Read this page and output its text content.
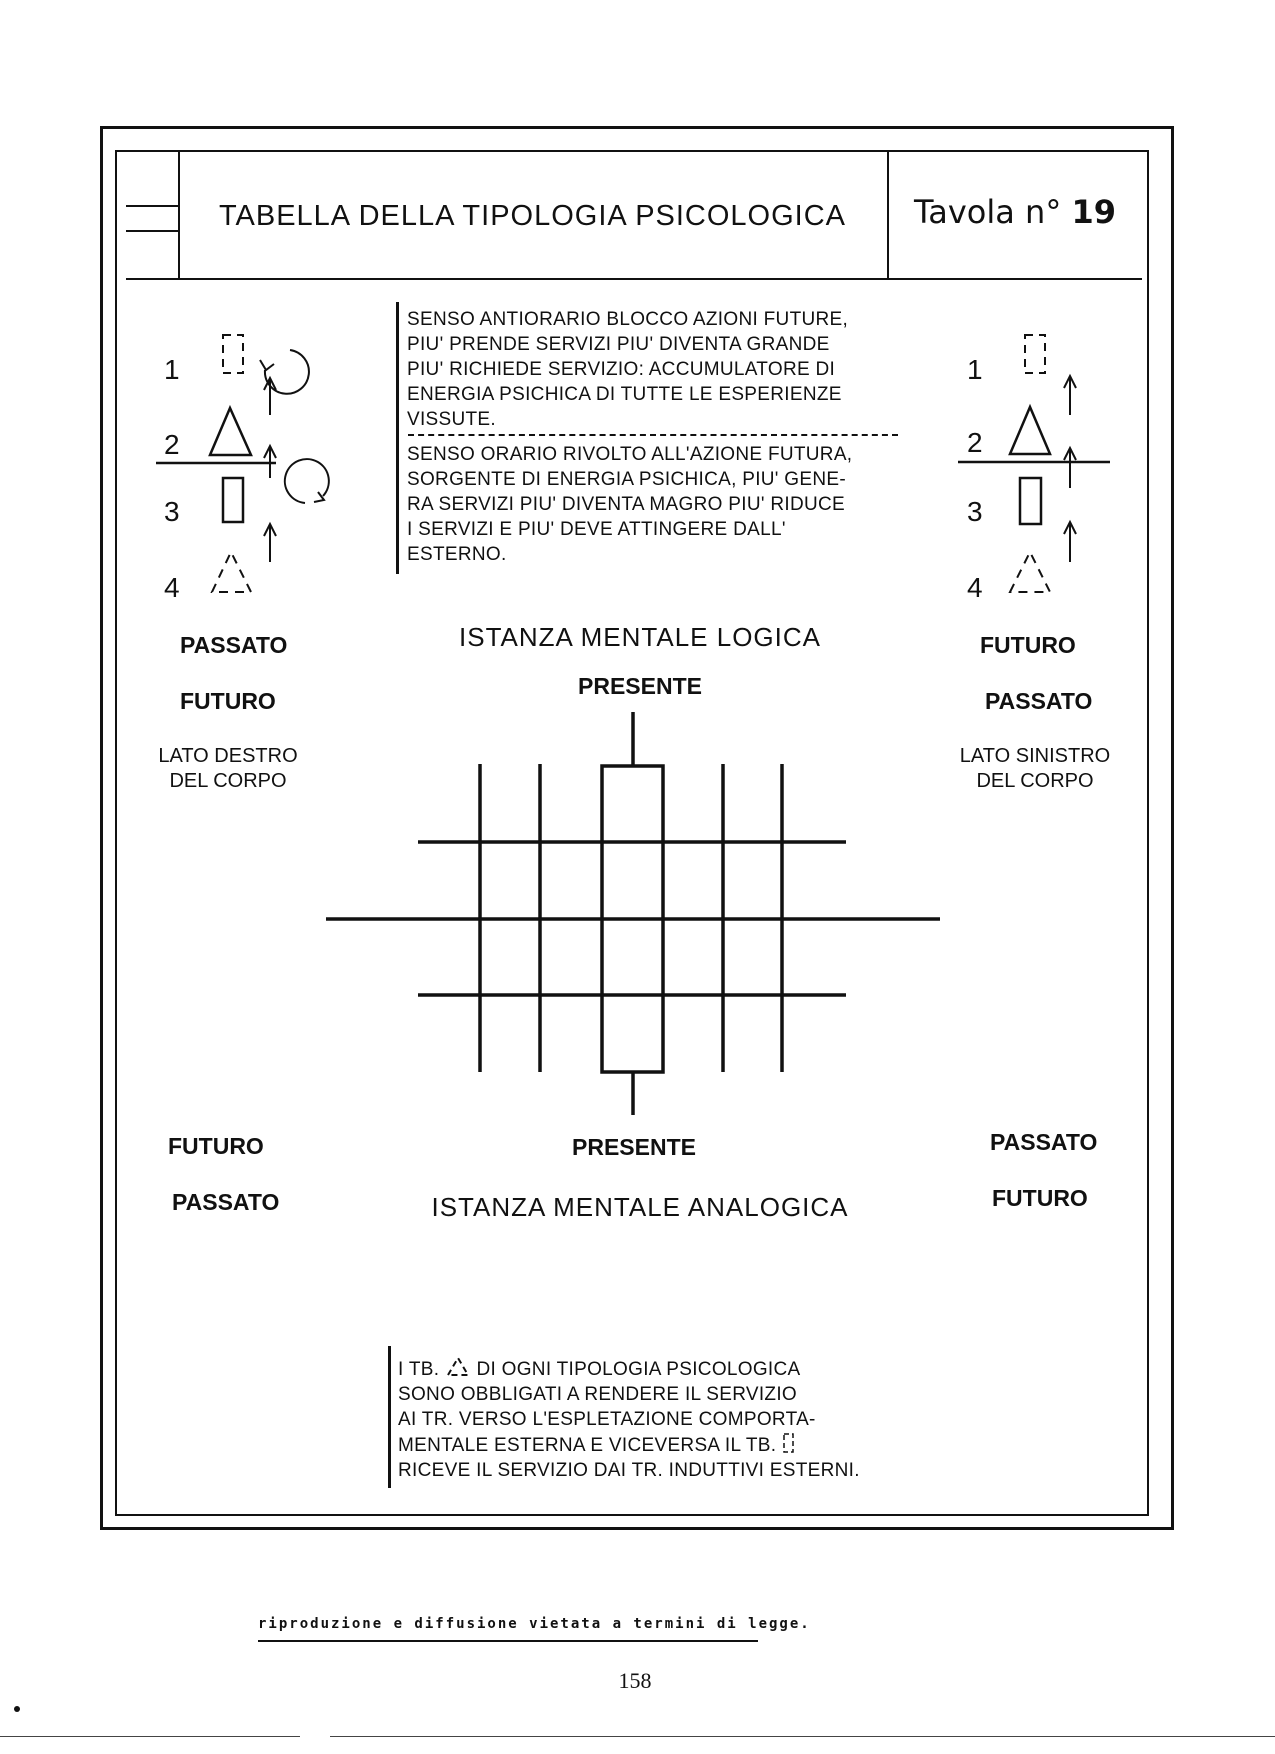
TABELLA DELLA TIPOLOGIA PSICOLOGICA	Tavola n° 19
1
2
3
4
PASSATO
FUTURO
LATO DESTRO
DEL CORPO
FUTURO
PASSATO
SENSO ANTIORARIO BLOCCO AZIONI FUTURE,
PIU' PRENDE SERVIZI PIU' DIVENTA GRANDE
PIU' RICHIEDE SERVIZIO: ACCUMULATORE DI
ENERGIA PSICHICA DI TUTTE LE ESPERIENZE
VISSUTE.
SENSO ORARIO RIVOLTO ALL'AZIONE FUTURA,
SORGENTE DI ENERGIA PSICHICA, PIU' GENE-
RA SERVIZI PIU' DIVENTA MAGRO PIU' RIDUCE
I SERVIZI E PIU' DEVE ATTINGERE DALL'
ESTERNO.
1
2
3
4
FUTURO
PASSATO
LATO SINISTRO
DEL CORPO
PASSATO
FUTURO
ISTANZA MENTALE LOGICA
PRESENTE
PRESENTE
ISTANZA MENTALE ANALOGICA
I TB. DI OGNI TIPOLOGIA PSICOLOGICA
SONO OBBLIGATI A RENDERE IL SERVIZIO
AI TR. VERSO L'ESPLETAZIONE COMPORTA-
MENTALE ESTERNA E VICEVERSA IL TB.
RICEVE IL SERVIZIO DAI TR. INDUTTIVI ESTERNI.
riproduzione e diffusione vietata a termini di legge.
158
